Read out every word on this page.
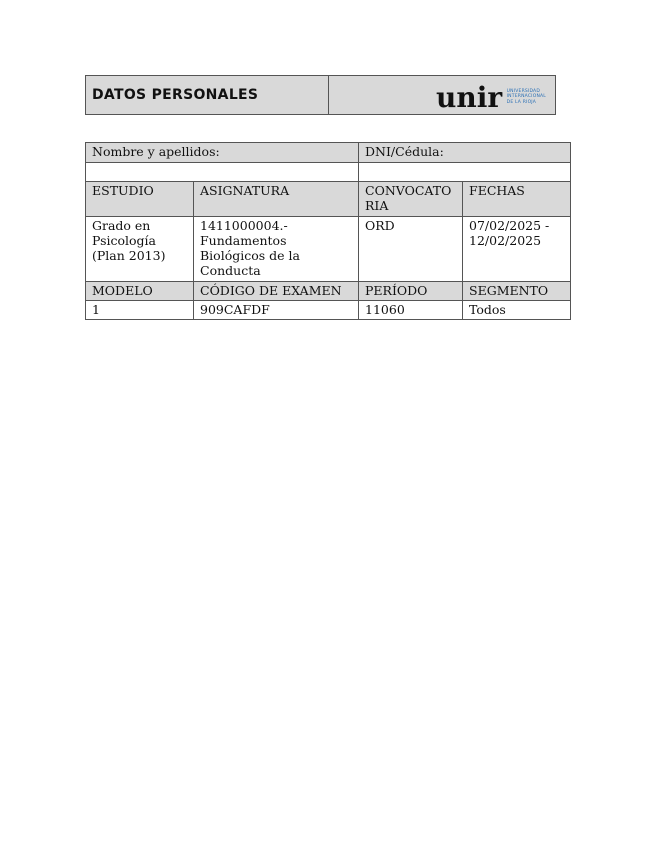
DATOS PERSONALES	unir UNIVERSIDAD
INTERNACIONAL
DE LA RIOJA
Nombre y apellidos:		DNI/Cédula:	

ESTUDIO	ASIGNATURA	CONVOCATORIA	FECHAS
Grado en Psicología (Plan 2013)	1411000004.- Fundamentos Biológicos de la Conducta	ORD	07/02/2025 - 12/02/2025
MODELO	CÓDIGO DE EXAMEN	PERÍODO	SEGMENTO
1	909CAFDF	11060	Todos
